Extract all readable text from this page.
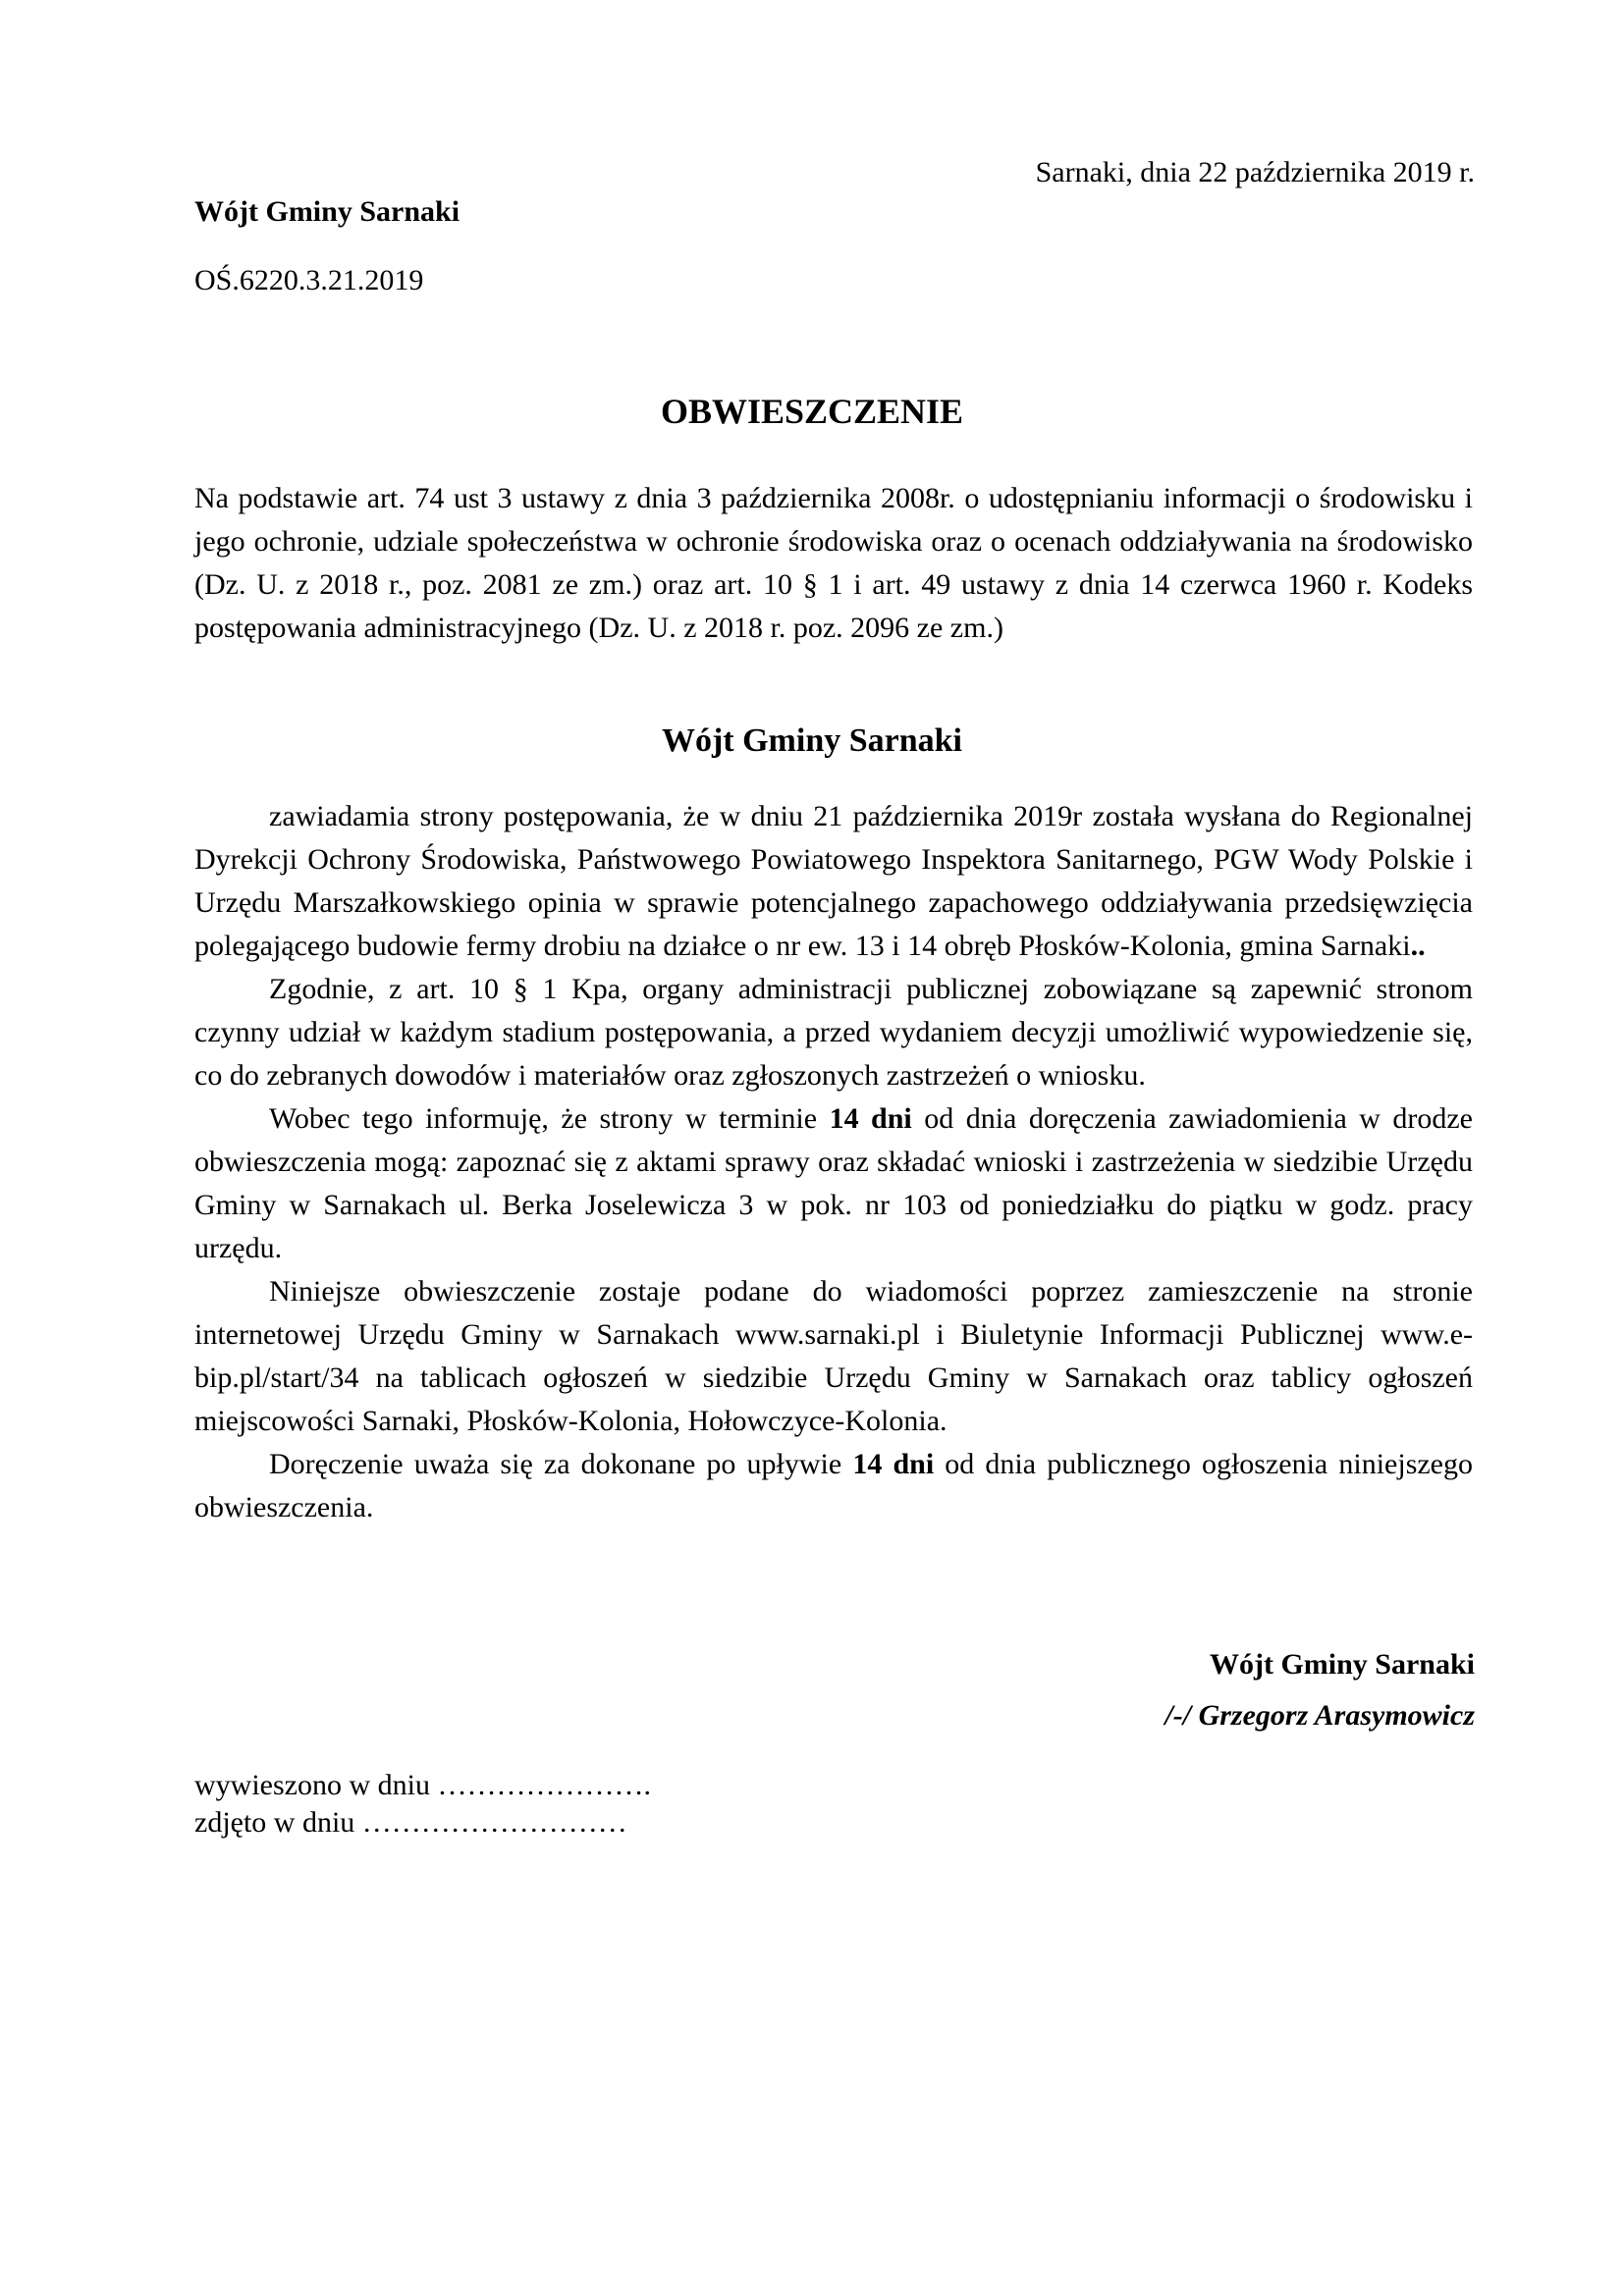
Sarnaki, dnia 22 października 2019 r.
Wójt Gminy Sarnaki
OŚ.6220.3.21.2019
OBWIESZCZENIE

Na podstawie art. 74 ust 3 ustawy z dnia 3 października 2008r. o udostępnianiu informacji o środowisku i jego ochronie, udziale społeczeństwa w ochronie środowiska oraz o ocenach oddziaływania na środowisko (Dz. U. z 2018 r., poz. 2081 ze zm.) oraz art. 10 § 1 i art. 49 ustawy z dnia 14 czerwca 1960 r. Kodeks postępowania administracyjnego (Dz. U. z 2018 r. poz. 2096 ze zm.)

Wójt Gminy Sarnaki

zawiadamia strony postępowania, że w dniu 21 października 2019r została wysłana do Regionalnej Dyrekcji Ochrony Środowiska, Państwowego Powiatowego Inspektora Sanitarnego, PGW Wody Polskie i Urzędu Marszałkowskiego opinia w sprawie potencjalnego zapachowego oddziaływania przedsięwzięcia polegającego budowie fermy drobiu na działce o nr ew. 13 i 14 obręb Płosków-Kolonia, gmina Sarnaki..

Zgodnie, z art. 10 § 1 Kpa, organy administracji publicznej zobowiązane są zapewnić stronom czynny udział w każdym stadium postępowania, a przed wydaniem decyzji umożliwić wypowiedzenie się, co do zebranych dowodów i materiałów oraz zgłoszonych zastrzeżeń o wniosku.

Wobec tego informuję, że strony w terminie 14 dni od dnia doręczenia zawiadomienia w drodze obwieszczenia mogą: zapoznać się z aktami sprawy oraz składać wnioski i zastrzeżenia w siedzibie Urzędu Gminy w Sarnakach ul. Berka Joselewicza 3 w pok. nr 103 od poniedziałku do piątku w godz. pracy urzędu.

Niniejsze obwieszczenie zostaje podane do wiadomości poprzez zamieszczenie na stronie internetowej Urzędu Gminy w Sarnakach www.sarnaki.pl i Biuletynie Informacji Publicznej www.e-bip.pl/start/34 na tablicach ogłoszeń w siedzibie Urzędu Gminy w Sarnakach oraz tablicy ogłoszeń miejscowości Sarnaki, Płosków-Kolonia, Hołowczyce-Kolonia.

Doręczenie uważa się za dokonane po upływie 14 dni od dnia publicznego ogłoszenia niniejszego obwieszczenia.

Wójt Gminy Sarnaki
/-/ Grzegorz Arasymowicz
wywieszono w dniu ………………….
zdjęto w dniu ………………………
